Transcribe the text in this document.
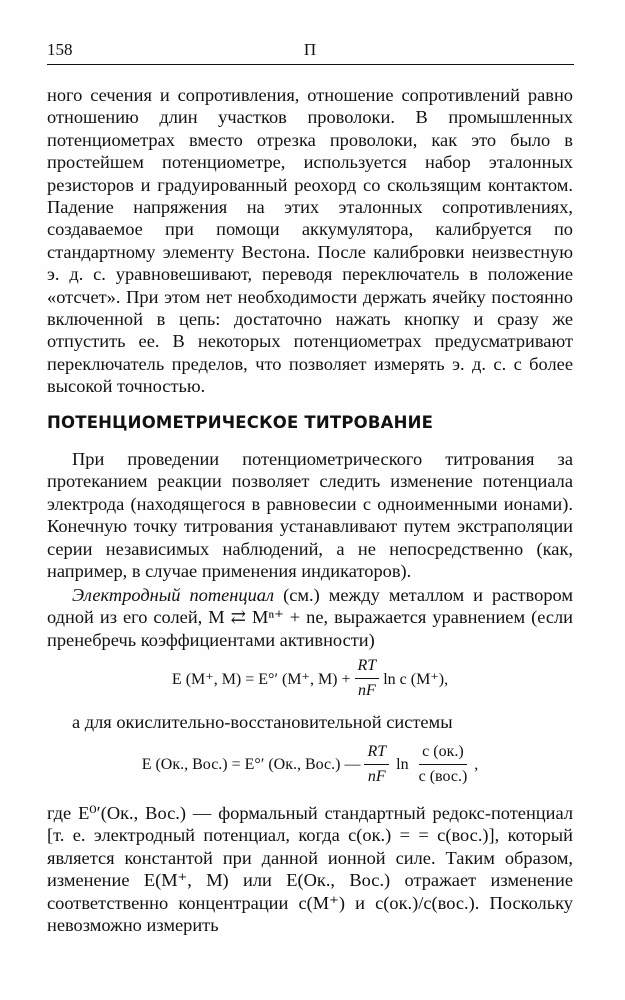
158	П

ного сечения и сопротивления, отношение сопротивлений равно отношению длин участков проволоки. В промышленных потенциометрах вместо отрезка проволоки, как это было в простейшем потенциометре, используется набор эталонных резисторов и градуированный реохорд со скользящим контактом. Падение напряжения на этих эталонных сопротивлениях, создаваемое при помощи аккумулятора, калибруется по стандартному элементу Вестона. После калибровки неизвестную э. д. с. уравновешивают, переводя переключатель в положение «отсчет». При этом нет необходимости держать ячейку постоянно включенной в цепь: достаточно нажать кнопку и сразу же отпустить ее. В некоторых потенциометрах предусматривают переключатель пределов, что позволяет измерять э. д. с. с более высокой точностью.

ПОТЕНЦИОМЕТРИЧЕСКОЕ ТИТРОВАНИЕ

При проведении потенциометрического титрования за протеканием реакции позволяет следить изменение потенциала электрода (находящегося в равновесии с одноименными ионами). Конечную точку титрования устанавливают путем экстраполяции серии независимых наблюдений, а не непосредственно (как, например, в случае применения индикаторов).

Электродный потенциал (см.) между металлом и раствором одной из его солей, M ⇄ Mⁿ⁺ + ne, выражается уравнением (если пренебречь коэффициентами активности)

E (M⁺, M) = E°′ (M⁺, $M) + \frac{RT}{nF}$ ln c (M⁺),

а для окислительно-восстановительной системы

E (Ок., Вос.) = E°′ (Ок., Вос.) — $\frac{RT}{nF}$ $\ln \frac{c (ок.)}{\text{c (вос.)}}$ ,

где E⁰′(Ок., Вос.) — формальный стандартный редокс-потенциал [т. е. электродный потенциал, когда c(ок.) = = c(вос.)], который является константой при данной ионной силе. Таким образом, изменение E(M⁺, M) или E(Ок., Вос.) отражает изменение соответственно концентрации c(M⁺) и c(ок.)/c(вос.). Поскольку невозможно измерить
